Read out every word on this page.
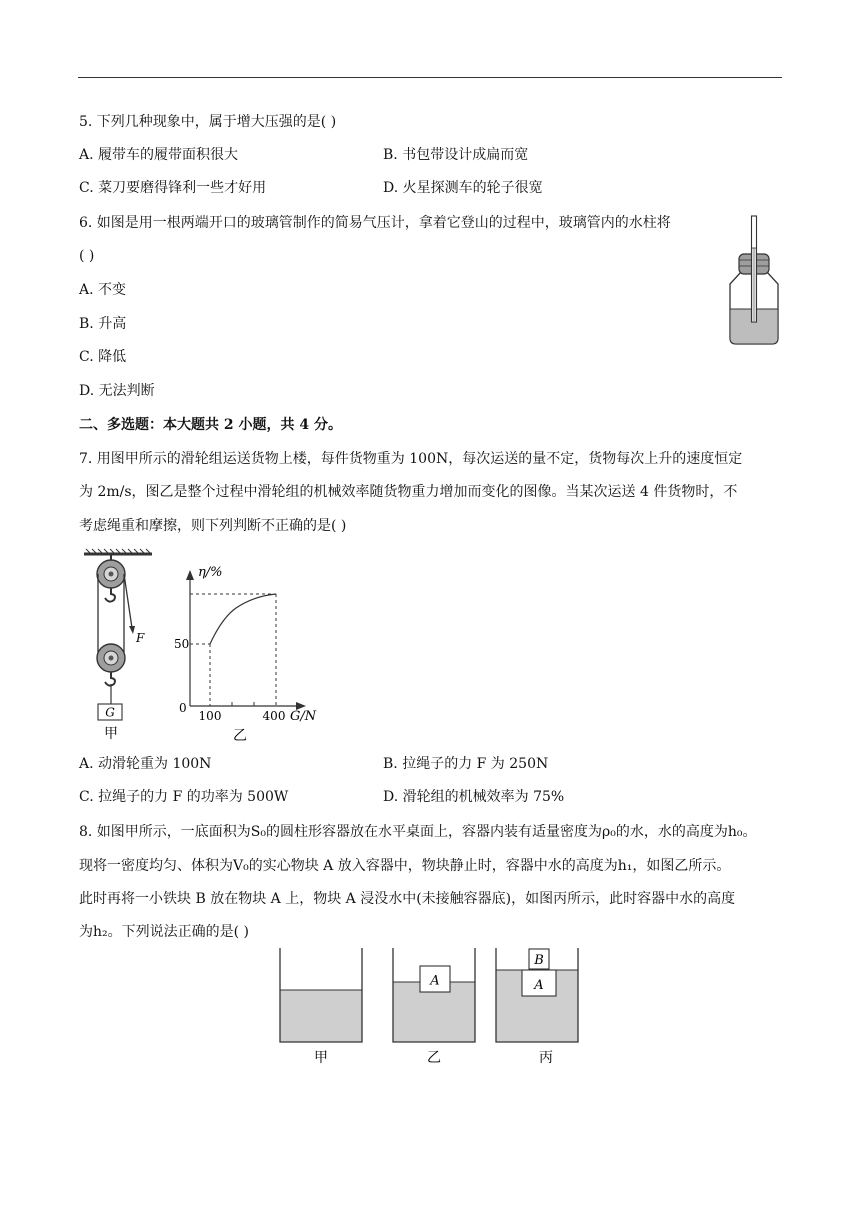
5. 下列几种现象中，属于增大压强的是( )
A. 履带车的履带面积很大	B. 书包带设计成扁而宽
C. 菜刀要磨得锋利一些才好用	D. 火星探测车的轮子很宽
6. 如图是用一根两端开口的玻璃管制作的简易气压计，拿着它登山的过程中，玻璃管内的水柱将
( )
A. 不变
B. 升高
C. 降低
D. 无法判断
二、多选题：本大题共 2 小题，共 4 分。
7. 用图甲所示的滑轮组运送货物上楼，每件货物重为 100N，每次运送的量不定，货物每次上升的速度恒定
为 2m/s，图乙是整个过程中滑轮组的机械效率随货物重力增加而变化的图像。当某次运送 4 件货物时，不
考虑绳重和摩擦，则下列判断不正确的是( )
G
F
甲
η/%
50
0
100	400 G/N
乙
A. 动滑轮重为 100N	B. 拉绳子的力 F 为 250N
C. 拉绳子的力 F 的功率为 500W	D. 滑轮组的机械效率为 75%
8. 如图甲所示，一底面积为S₀的圆柱形容器放在水平桌面上，容器内装有适量密度为ρ₀的水，水的高度为h₀。
现将一密度均匀、体积为V₀的实心物块 A 放入容器中，物块静止时，容器中水的高度为h₁，如图乙所示。
此时再将一小铁块 B 放在物块 A 上，物块 A 浸没水中(未接触容器底)，如图丙所示，此时容器中水的高度
为h₂。下列说法正确的是( )
甲
A
乙
A
B
丙
